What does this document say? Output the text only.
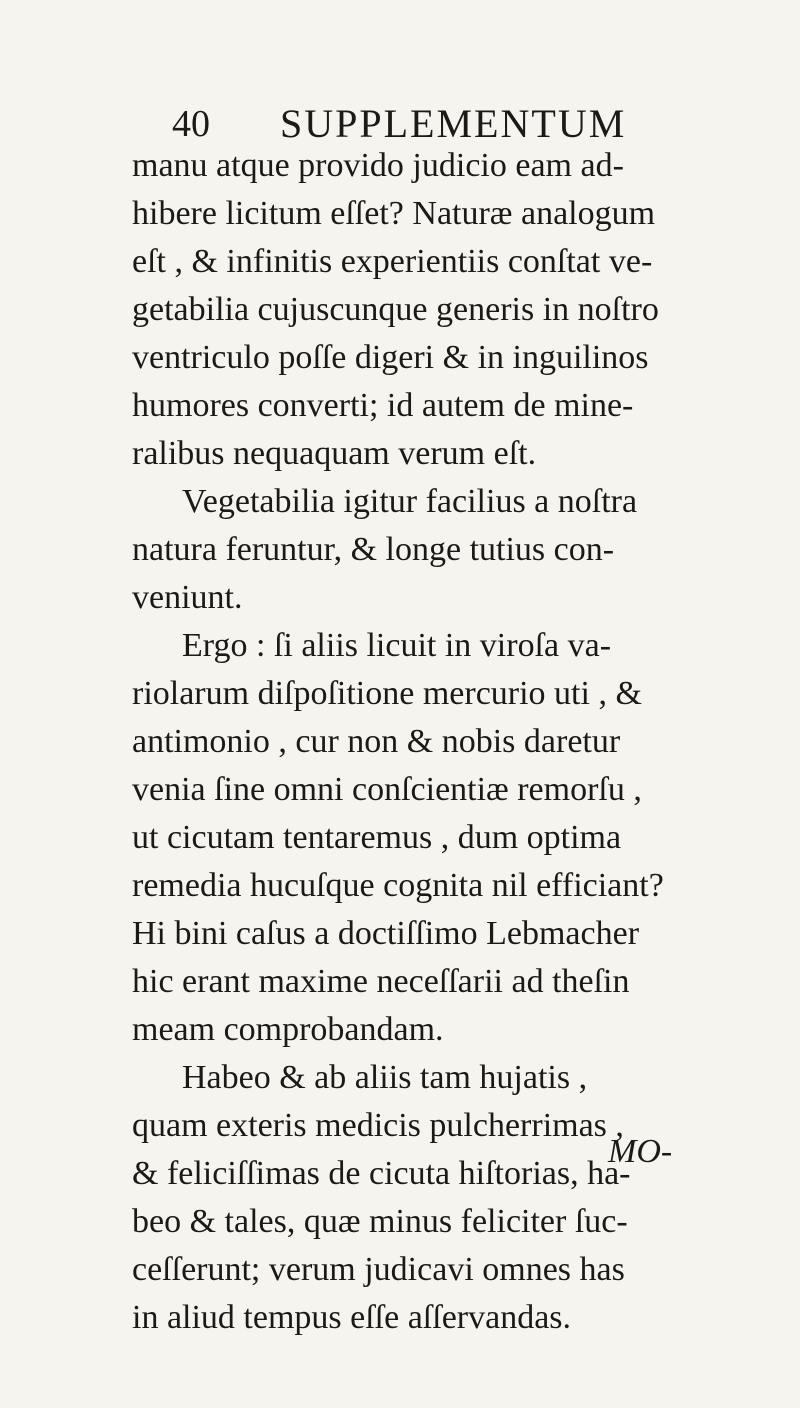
40 SUPPLEMENTUM
manu atque provido judicio eam ad-
hibere licitum eſſet? Naturæ analogum
eſt , & infinitis experientiis conſtat ve-
getabilia cujuscunque generis in noſtro
ventriculo poſſe digeri & in inguilinos
humores converti; id autem de mine-
ralibus nequaquam verum eſt.
Vegetabilia igitur facilius a noſtra
natura feruntur, & longe tutius con-
veniunt.
Ergo : ſi aliis licuit in viroſa va-
riolarum diſpoſitione mercurio uti , &
antimonio , cur non & nobis daretur
venia ſine omni conſcientiæ remorſu ,
ut cicutam tentaremus , dum optima
remedia hucuſque cognita nil efficiant?
Hi bini caſus a doctiſſimo Lebmacher
hic erant maxime neceſſarii ad theſin
meam comprobandam.
Habeo & ab aliis tam hujatis ,
quam exteris medicis pulcherrimas ,
& feliciſſimas de cicuta hiſtorias, ha-
beo & tales, quæ minus feliciter ſuc-
ceſſerunt; verum judicavi omnes has
in aliud tempus eſſe aſſervandas.
MO-
